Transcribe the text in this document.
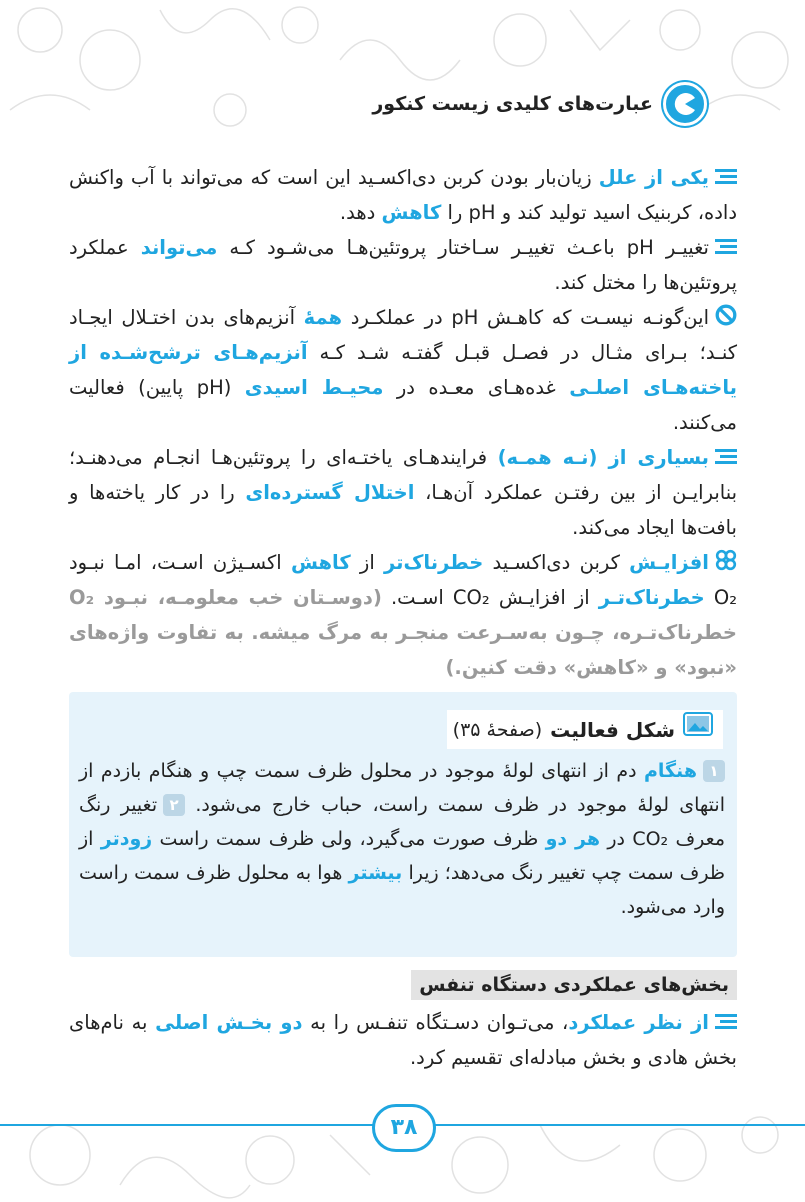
عبارت‌های کلیدی زیست کنکور

یکی از علل زیان‌بار بودن کربن دی‌اکسـید این است که می‌تواند با آب واکنش داده، کربنیک اسید تولید کند و pH را کاهش دهد.

تغییـر pH باعـث تغییـر سـاختار پروتئین‌هـا می‌شـود کـه می‌تواند عملکرد پروتئین‌ها را مختل کند.

این‌گونـه نیسـت که کاهـش pH در عملکـرد همهٔ آنزیم‌های بدن اختـلال ایجـاد کنـد؛ بـرای مثـال در فصـل قبـل گفتـه شـد کـه آنزیم‌هـای ترشح‌شـده از یاخته‌هـای اصلـی غده‌هـای معـده در محیـط اسیدی (pH پایین) فعالیت می‌کنند.

بسیاری از (نـه همـه) فرایندهـای یاختـه‌ای را پروتئین‌هـا انجـام می‌دهنـد؛ بنابرایـن از بین رفتـن عملکرد آن‌هـا، اختلال گسترده‌ای را در کار یاخته‌ها و بافت‌ها ایجاد می‌کند.

افزایـش کربن دی‌اکسـید خطرناک‌تر از کاهش اکسـیژن اسـت، امـا نبـود O₂ خطرناک‌تـر از افزایـش CO₂ اسـت. (دوسـتان خب معلومـه، نبـود O₂ خطرناک‌تـره، چـون به‌سـرعت منجـر به مرگ میشه. به تفاوت واژه‌های «نبود» و «کاهش» دقت کنین.)

شکل فعالیت
(صفحهٔ ۳۵)
۱هنگام دم از انتهای لولهٔ موجود در محلول ظرف سمت چپ و هنگام بازدم از انتهای لولهٔ موجود در ظرف سمت راست، حباب خارج می‌شود. ۲تغییر رنگ معرف CO₂ در هر دو ظرف صورت می‌گیرد، ولی ظرف سمت راست زودتر از ظرف سمت چپ تغییر رنگ می‌دهد؛ زیرا بیشتر هوا به محلول ظرف سمت راست وارد می‌شود.
بخش‌های عملکردی دستگاه تنفس

از نظر عملکرد، می‌تـوان دسـتگاه تنفـس را به دو بخـش اصلی به نام‌های بخش هادی و بخش مبادله‌ای تقسیم کرد.

۳۸
